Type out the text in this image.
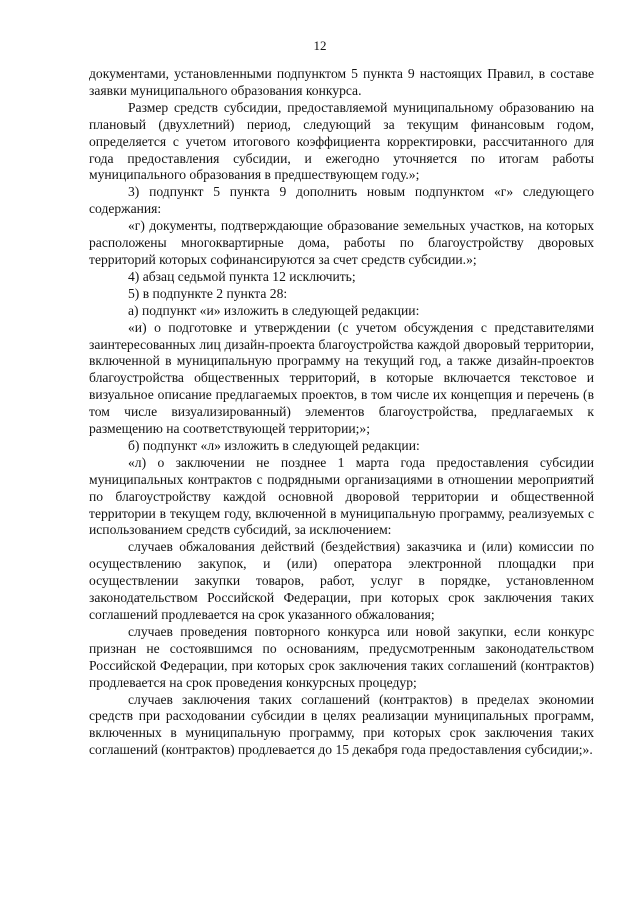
12

документами, установленными подпунктом 5 пункта 9 настоящих Правил, в составе заявки муниципального образования конкурса.

Размер средств субсидии, предоставляемой муниципальному образованию на плановый (двухлетний) период, следующий за текущим финансовым годом, определяется с учетом итогового коэффициента корректировки, рассчитанного для года предоставления субсидии, и ежегодно уточняется по итогам работы муниципального образования в предшествующем году.»;

3) подпункт 5 пункта 9 дополнить новым подпунктом «г» следующего содержания:

«г) документы, подтверждающие образование земельных участков, на которых расположены многоквартирные дома, работы по благоустройству дворовых территорий которых софинансируются за счет средств субсидии.»;

4) абзац седьмой пункта 12 исключить;

5) в подпункте 2 пункта 28:

а) подпункт «и» изложить в следующей редакции:

«и) о подготовке и утверждении (с учетом обсуждения с представителями заинтересованных лиц дизайн-проекта благоустройства каждой дворовый территории, включенной в муниципальную программу на текущий год, а также дизайн-проектов благоустройства общественных территорий, в которые включается текстовое и визуальное описание предлагаемых проектов, в том числе их концепция и перечень (в том числе визуализированный) элементов благоустройства, предлагаемых к размещению на соответствующей территории;»;

б) подпункт «л» изложить в следующей редакции:

«л) о заключении не позднее 1 марта года предоставления субсидии муниципальных контрактов с подрядными организациями в отношении мероприятий по благоустройству каждой основной дворовой территории и общественной территории в текущем году, включенной в муниципальную программу, реализуемых с использованием средств субсидий, за исключением:

случаев обжалования действий (бездействия) заказчика и (или) комиссии по осуществлению закупок, и (или) оператора электронной площадки при осуществлении закупки товаров, работ, услуг в порядке, установленном законодательством Российской Федерации, при которых срок заключения таких соглашений продлевается на срок указанного обжалования;

случаев проведения повторного конкурса или новой закупки, если конкурс признан не состоявшимся по основаниям, предусмотренным законодательством Российской Федерации, при которых срок заключения таких соглашений (контрактов) продлевается на срок проведения конкурсных процедур;

случаев заключения таких соглашений (контрактов) в пределах экономии средств при расходовании субсидии в целях реализации муниципальных программ, включенных в муниципальную программу, при которых срок заключения таких соглашений (контрактов) продлевается до 15 декабря года предоставления субсидии;».
